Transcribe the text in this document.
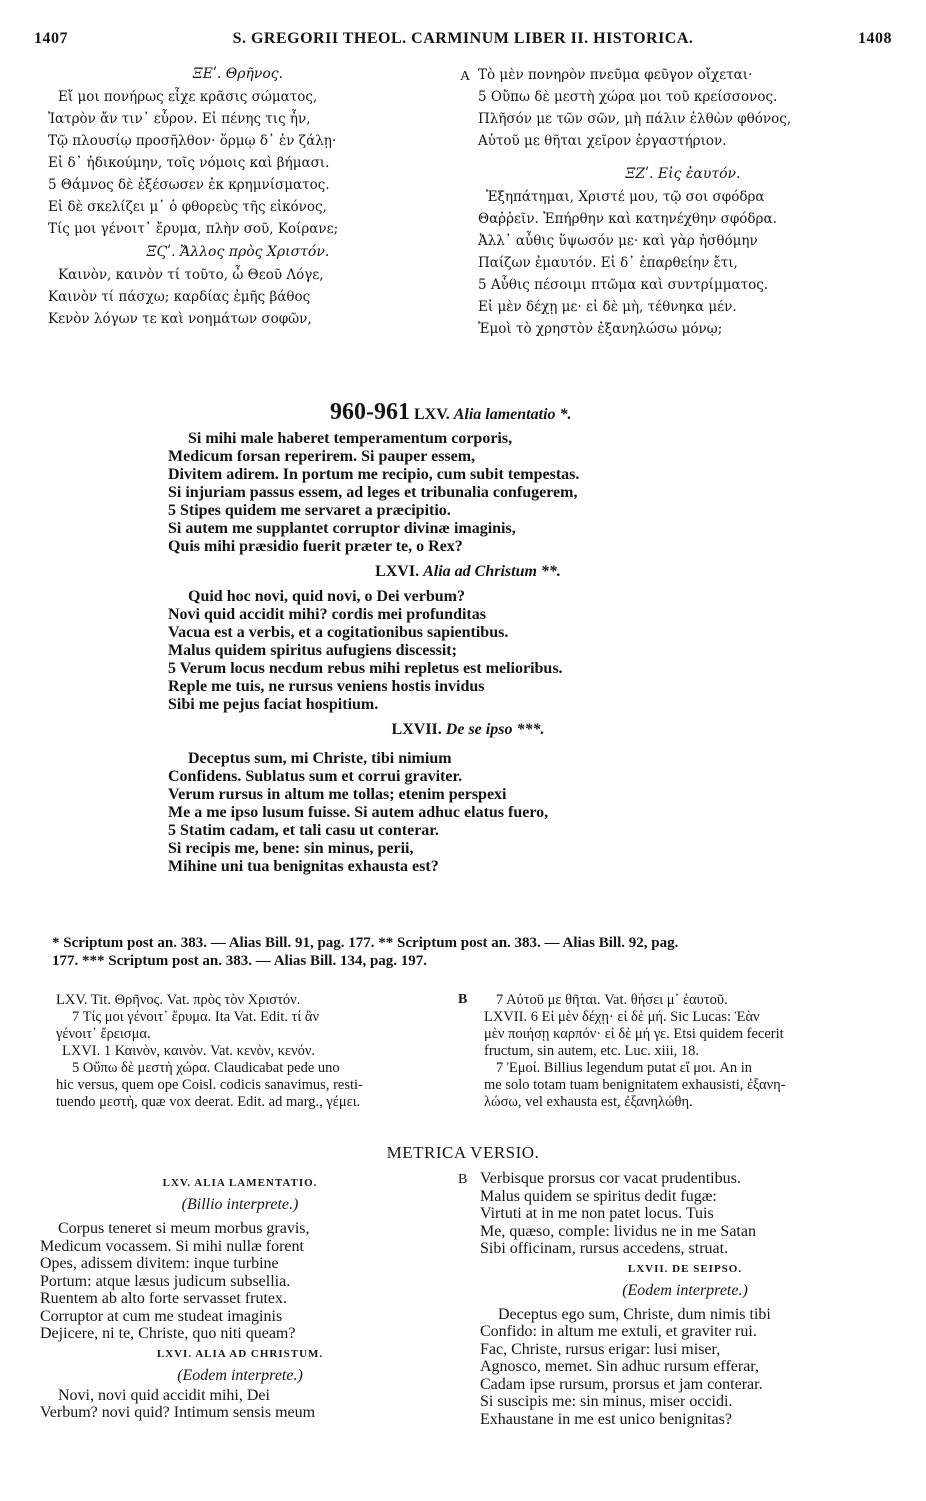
1407	S. GREGORII THEOL. CARMINUM LIBER II. HISTORICA.	1408
ΞΕʹ. Θρῆνος.
Εἴ μοι πονήρως εἶχε κρᾶσις σώματος,
Ἰατρὸν ἄν τιν᾽ εὗρον. Εἰ πένης τις ἦν,
Τῷ πλουσίῳ προσῆλθον· ὅρμῳ δ᾽ ἐν ζάλῃ·
Εἰ δ᾽ ἠδικούμην, τοῖς νόμοις καὶ βήμασι.
5 Θάμνος δὲ ἐξέσωσεν ἐκ κρημνίσματος.
Εἰ δὲ σκελίζει μ᾽ ὁ φθορεὺς τῆς εἰκόνος,
Τίς μοι γένοιτ᾽ ἔρυμα, πλὴν σοῦ, Κοίρανε;
ΞϚʹ. Ἄλλος πρὸς Χριστόν.
Καινὸν, καινὸν τί τοῦτο, ὦ Θεοῦ Λόγε,
Καινὸν τί πάσχω; καρδίας ἐμῆς βάθος
Κενὸν λόγων τε καὶ νοημάτων σοφῶν,
A Τὸ μὲν πονηρὸν πνεῦμα φεῦγον οἴχεται·
5 Οὔπω δὲ μεστὴ χώρα μοι τοῦ κρείσσονος.
Πλῆσόν με τῶν σῶν, μὴ πάλιν ἐλθὼν φθόνος,
Αὐτοῦ με θῆται χεῖρον ἐργαστήριον.
ΞΖʹ. Εἰς ἑαυτόν.
Ἐξηπάτημαι, Χριστέ μου, τῷ σοι σφόδρα
Θαῤῥεῖν. Ἐπήρθην καὶ κατηνέχθην σφόδρα.
Ἀλλ᾽ αὖθις ὕψωσόν με· καὶ γὰρ ἠσθόμην
Παίζων ἐμαυτόν. Εἰ δ᾽ ἐπαρθείην ἔτι,
5 Αὖθις πέσοιμι πτῶμα καὶ συντρίμματος.
Εἰ μὲν δέχῃ με· εἰ δὲ μὴ, τέθνηκα μέν.
Ἐμοὶ τὸ χρηστὸν ἐξανηλώσω μόνῳ;
960-961 LXV. Alia lamentatio *.
Si mihi male haberet temperamentum corporis,
Medicum forsan reperirem. Si pauper essem,
Divitem adirem. In portum me recipio, cum subit tempestas.
Si injuriam passus essem, ad leges et tribunalia confugerem,
5 Stipes quidem me servaret a præcipitio.
Si autem me supplantet corruptor divinæ imaginis,
Quis mihi præsidio fuerit præter te, o Rex?
LXVI. Alia ad Christum **.
Quid hoc novi, quid novi, o Dei verbum?
Novi quid accidit mihi? cordis mei profunditas
Vacua est a verbis, et a cogitationibus sapientibus.
Malus quidem spiritus aufugiens discessit;
5 Verum locus necdum rebus mihi repletus est melioribus.
Reple me tuis, ne rursus veniens hostis invidus
Sibi me pejus faciat hospitium.
LXVII. De se ipso ***.
Deceptus sum, mi Christe, tibi nimium
Confidens. Sublatus sum et corrui graviter.
Verum rursus in altum me tollas; etenim perspexi
Me a me ipso lusum fuisse. Si autem adhuc elatus fuero,
5 Statim cadam, et tali casu ut conterar.
Si recipis me, bene: sin minus, perii,
Mihine uni tua benignitas exhausta est?
* Scriptum post an. 383. — Alias Bill. 91, pag. 177. ** Scriptum post an. 383. — Alias Bill. 92, pag.
177. *** Scriptum post an. 383. — Alias Bill. 134, pag. 197.

LXV. Tit. Θρῆνος. Vat. πρὸς τὸν Χριστόν.

7 Τίς μοι γένοιτ᾽ ἔρυμα. Ita Vat. Edit. τί ἂν

γένοιτ᾽ ἔρεισμα.

LXVI. 1 Καινὸν, καινὸν. Vat. κενὸν, κενόν.

5 Οὔπω δὲ μεστὴ χώρα. Claudicabat pede uno

hic versus, quem ope Coisl. codicis sanavimus, resti-

tuendo μεστὴ, quæ vox deerat. Edit. ad marg., γέμει.

B	7 Αὐτοῦ με θῆται. Vat. θήσει μ᾽ ἑαυτοῦ.

LXVII. 6 Εἰ μὲν δέχῃ· εἰ δὲ μή. Sic Lucas: Ἐὰν

μὲν ποιήσῃ καρπόν· εἰ δὲ μή γε. Etsi quidem fecerit

fructum, sin autem, etc. Luc. xiii, 18.

7 Ἐμοί. Billius legendum putat εἴ μοι. An in

me solo totam tuam benignitatem exhausisti, ἐξανη-

λώσω, vel exhausta est, ἐξανηλώθη.

METRICA VERSIO.
LXV. ALIA LAMENTATIO.
(Billio interprete.)
Corpus teneret si meum morbus gravis,
Medicum vocassem. Si mihi nullæ forent
Opes, adissem divitem: inque turbine
Portum: atque læsus judicum subsellia.
Ruentem ab alto forte servasset frutex.
Corruptor at cum me studeat imaginis
Dejicere, ni te, Christe, quo niti queam?
LXVI. ALIA AD CHRISTUM.
(Eodem interprete.)
Novi, novi quid accidit mihi, Dei
Verbum? novi quid? Intimum sensis meum
B Verbisque prorsus cor vacat prudentibus.
Malus quidem se spiritus dedit fugæ:
Virtuti at in me non patet locus. Tuis
Me, quæso, comple: lividus ne in me Satan
Sibi officinam, rursus accedens, struat.
LXVII. DE SEIPSO.
(Eodem interprete.)
Deceptus ego sum, Christe, dum nimis tibi
Confido: in altum me extuli, et graviter rui.
Fac, Christe, rursus erigar: lusi miser,
Agnosco, memet. Sin adhuc rursum efferar,
Cadam ipse rursum, prorsus et jam conterar.
Si suscipis me: sin minus, miser occidi.
Exhaustane in me est unico benignitas?
